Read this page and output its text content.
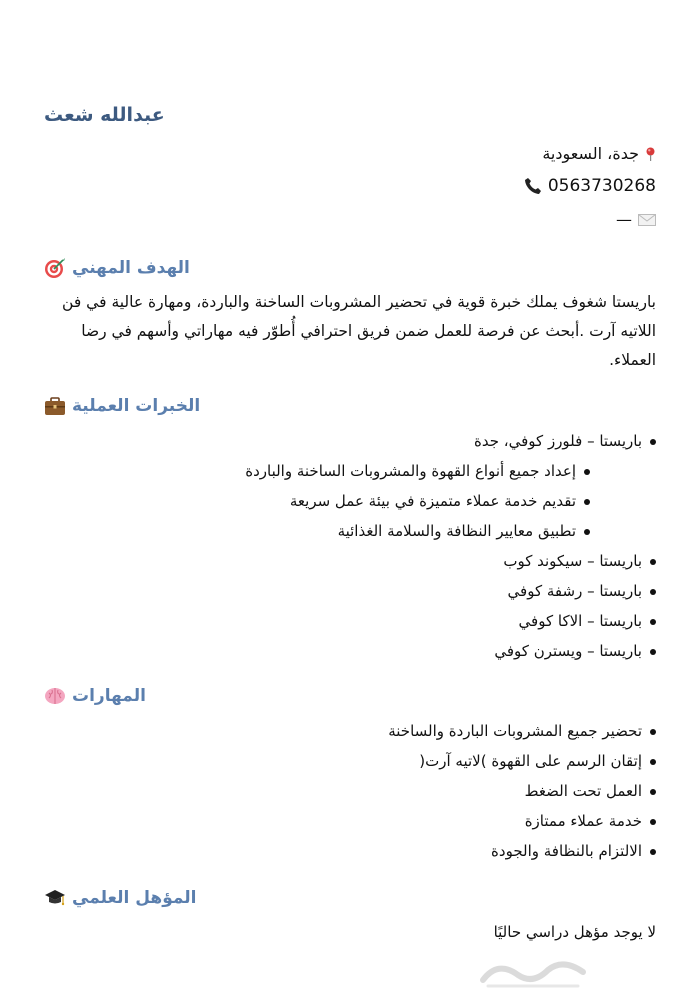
عبدالله شعث
جدة، السعودية
0563730268
—
الهدف المهني
باريستا شغوف يملك خبرة قوية في تحضير المشروبات الساخنة والباردة، ومهارة عالية في فن اللاتيه آرت .أبحث عن فرصة للعمل ضمن فريق احترافي أُطوّر فيه مهاراتي وأسهم في رضا العملاء.
الخبرات العملية
باريستا – فلورز كوفي، جدة
إعداد جميع أنواع القهوة والمشروبات الساخنة والباردة
تقديم خدمة عملاء متميزة في بيئة عمل سريعة
تطبيق معايير النظافة والسلامة الغذائية
باريستا – سيكوند كوب
باريستا – رشفة كوفي
باريستا – الاكا كوفي
باريستا – ويسترن كوفي
المهارات
تحضير جميع المشروبات الباردة والساخنة
إتقان الرسم على القهوة )لاتيه آرت(
العمل تحت الضغط
خدمة عملاء ممتازة
الالتزام بالنظافة والجودة
المؤهل العلمي
لا يوجد مؤهل دراسي حاليًا
